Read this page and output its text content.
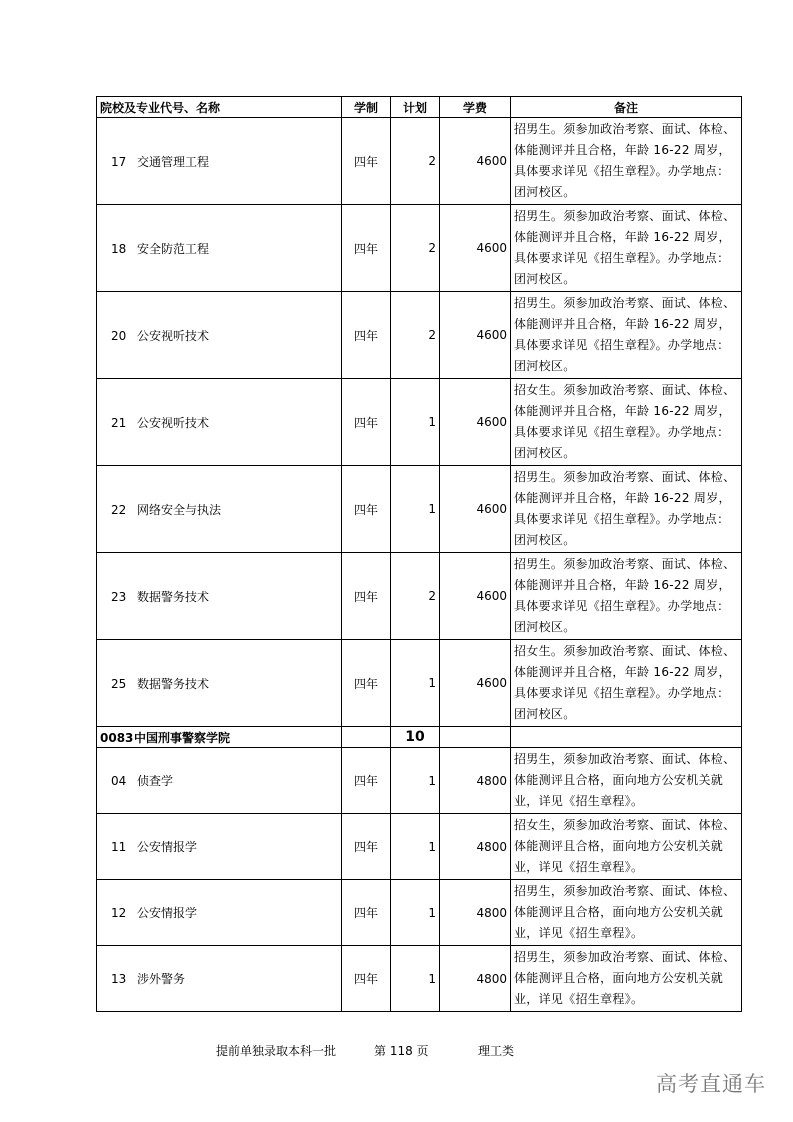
院校及专业代号、名称	学制	计划	学费	备注
17 交通管理工程	四年	2	4600	招男生。须参加政治考察、面试、体检、
体能测评并且合格，年龄 16-22 周岁，
具体要求详见《招生章程》。办学地点：
团河校区。

18 安全防范工程	四年	2	4600	招男生。须参加政治考察、面试、体检、
体能测评并且合格，年龄 16-22 周岁，
具体要求详见《招生章程》。办学地点：
团河校区。

20 公安视听技术	四年	2	4600	招男生。须参加政治考察、面试、体检、
体能测评并且合格，年龄 16-22 周岁，
具体要求详见《招生章程》。办学地点：
团河校区。

21 公安视听技术	四年	1	4600	招女生。须参加政治考察、面试、体检、
体能测评并且合格，年龄 16-22 周岁，
具体要求详见《招生章程》。办学地点：
团河校区。

22 网络安全与执法	四年	1	4600	招男生。须参加政治考察、面试、体检、
体能测评并且合格，年龄 16-22 周岁，
具体要求详见《招生章程》。办学地点：
团河校区。

23 数据警务技术	四年	2	4600	招男生。须参加政治考察、面试、体检、
体能测评并且合格，年龄 16-22 周岁，
具体要求详见《招生章程》。办学地点：
团河校区。

25 数据警务技术	四年	1	4600	招女生。须参加政治考察、面试、体检、
体能测评并且合格，年龄 16-22 周岁，
具体要求详见《招生章程》。办学地点：
团河校区。

0083中国刑事警察学院		10		
04 侦查学	四年	1	4800	招男生，须参加政治考察、面试、体检、
体能测评且合格，面向地方公安机关就
业，详见《招生章程》。

11 公安情报学	四年	1	4800	招女生，须参加政治考察、面试、体检、
体能测评且合格，面向地方公安机关就
业，详见《招生章程》。

12 公安情报学	四年	1	4800	招男生，须参加政治考察、面试、体检、
体能测评且合格，面向地方公安机关就
业，详见《招生章程》。

13 涉外警务	四年	1	4800	招男生，须参加政治考察、面试、体检、
体能测评且合格，面向地方公安机关就
业，详见《招生章程》。
提前单独录取本科一批	第 118 页	理工类
高考直通车
